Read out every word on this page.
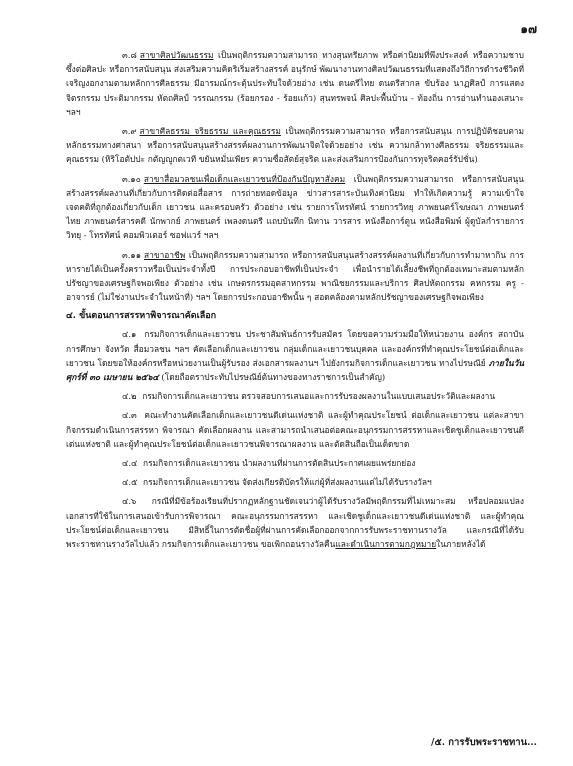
๑๗

๓.๘ สาขาศิลปวัฒนธรรม เป็นพฤติกรรมความสามารถ ทางสุนทรียภาพ หรือค่านิยมที่พึงประสงค์ หรือความชาบซึ้งต่อศิลปะ หรือการสนับสนุน ส่งเสริมความคิดริเริ่มสร้างสรรค์ อนุรักษ์ พัฒนางานทางศิลปวัฒนธรรมที่แสดงถึงวิถีการดำรงชีวิตที่เจริญงอกงามตามหลักการศีลธรรม มีอารมณ์กระตุ้นประทับใจด้วยอ่าง เช่น ดนตรีไทย ดนตรีสากล ขับร้อง นาฏศิลป์ การแสดง จิตรกรรม ประติมากรรม หัตถศิลป์ วรรณกรรม (ร้อยกรอง - ร้อยแก้ว) สุนทรพจน์ ศิลปะพื้นบ้าน - ท้องถิ่น การอ่านทำนองเสนาะ ฯลฯ

๓.๙ สาขาศีลธรรม จริยธรรม และคุณธรรม เป็นพฤติกรรมความสามารถ หรือการสนับสนุน การปฏิบัติชอบตามหลักธรรมทางศาสนา หรือการสนับสนุนสร้างสรรค์ผลงานการพัฒนาจิตใจด้วยอย่าง เช่น ความกล้าทางศีลธรรม จริยธรรมและคุณธรรม (หิริโอตัปปะ กตัญญูกตเวที ขยันหมั่นเพียร ความซื่อสัตย์สุจริต และส่งเสริมการป้องกันการทุจริตคอร์รัปชั่น)

๓.๑๐ สาขาสื่อมวลชนเพื่อเด็กและเยาวชนที่ป้องกันปัญหาสังคม เป็นพฤติกรรมความสามารถ หรือการสนับสนุนสร้างสรรค์ผลงานที่เกี่ยวกับการติดต่อสื่อสาร การถ่ายทอดข้อมูล ข่าวสารสาระบันเทิงค่านิยม ทำให้เกิดความรู้ ความเข้าใจ เจตคติที่ถูกต้องเกี่ยวกับเด็ก เยาวชน และครอบครัว ตัวอย่าง เช่น รายการโทรทัศน์ รายการวิทยุ ภาพยนตร์โฆษณา ภาพยนตร์ไทย ภาพยนตร์สารคดี นักพากย์ ภาพยนตร์ เพลงดนตรี แถบบันทึก นิทาน วารสาร หนังสือการ์ตูน หนังสือพิมพ์ ผู้ดูบัลกำรายการวิทยุ - โทรทัศน์ คอมพิวเตอร์ ซอฟแวร์ ฯลฯ

๓.๑๑ สาขาอาชีพ เป็นพฤติกรรมความสามารถ หรือการสนับสนุนสร้างสรรค์ผลงานที่เกี่ยวกับการทำมาหากิน การหารายได้เป็นครั้งคราวหรือเป็นประจำทั้งปี การประกอบอาชีพที่เป็นประจำ เพื่อนำรายได้เลี้ยงชีพที่ถูกต้องเหมาะสมตามหลักปรัชญาของเศรษฐกิจพอเพียง ตัวอย่าง เช่น เกษตรกรรมอุตสาหกรรม พาณิชยกรรมและบริการ ศิลปหัตถกรรม คหกรรม ครู - อาจารย์ (ไม่ใช่งานประจำในหน้าที่) ฯลฯ โดยการประกอบอาชีพนั้น ๆ สอดคล้องตามหลักปรัชญาของเศรษฐกิจพอเพียง

๔. ขั้นตอนการสรรหาพิจารณาคัดเลือก

๔.๑ กรมกิจการเด็กและเยาวชน ประชาสัมพันธ์การรับสมัคร โดยขอความร่วมมือให้หน่วยงาน องค์กร สถาบันการศึกษา จังหวัด สื่อมวลชน ฯลฯ คัดเลือกเด็กและเยาวชน กลุ่มเด็กและเยาวชนบุคคล และองค์กรที่ทำคุณประโยชน์ต่อเด็กและเยาวชน โดยขอให้องค์กรหรือหน่วยงานเป็นผู้รับรอง ส่งเอกสารผลงานฯ ไปยังกรมกิจการเด็กและเยาวชน ทางไปรษณีย์ ภายในวันศุกร์ที่ ๓๐ เมษายน ๒๕๖๔ (โดยถือตราประทับไปรษณีย์ต้นทางของทางราชการเป็นสำคัญ)

๔.๒ กรมกิจการเด็กและเยาวชน ตรวจสอบการเสนอและการรับรองผลงานในแบบเสนอประวัติและผลงาน

๔.๓ คณะทำงานคัดเลือกเด็กและเยาวชนดีเด่นแห่งชาติ และผู้ทำคุณประโยชน์ ต่อเด็กและเยาวชน แต่ละสาขากิจกรรมดำเนินการสรรหา พิจารณา คัดเลือกผลงาน และสามารถนำเสนอต่อคณะอนุกรรมการสรรหาและเชิดชูเด็กและเยาวชนดีเด่นแห่งชาติ และผู้ทำคุณประโยชน์ต่อเด็กและเยาวชนพิจารณาผลงาน และตัดสินถือเป็นเด็ดขาด

๔.๔ กรมกิจการเด็กและเยาวชน นำผลงานที่ผ่านการตัดสินประกาศเผยแพร่ยกย่อง

๔.๕ กรมกิจการเด็กและเยาวชน จัดส่งเกียรติบัตรให้แก่ผู้ที่ส่งผลงานแต่ไม่ได้รับรางวัลฯ

๔.๖ กรณีที่มีข้อร้องเรียนที่ปรากฏหลักฐานชัดเจนว่าผู้ได้รับรางวัลมีพฤติกรรมที่ไม่เหมาะสม หรือปลอมแปลงเอกสารที่ใช้ในการเสนอเข้ารับการพิจารณา คณะอนุกรรมการสรรหา และเชิดชูเด็กและเยาวชนดีเด่นแห่งชาติ และผู้ทำคุณประโยชน์ต่อเด็กและเยาวชน มีสิทธิ์ในการตัดชื่อผู้ที่ผ่านการคัดเลือกออกจากการรับพระราชทานรางวัล และกรณีที่ได้รับพระราชทานรางวัลไปแล้ว กรมกิจการเด็กและเยาวชน ขอเพิกถอนรางวัลคืนและดำเนินการตามกฎหมายในภายหลังได้

/๕. การรับพระราชทาน...
